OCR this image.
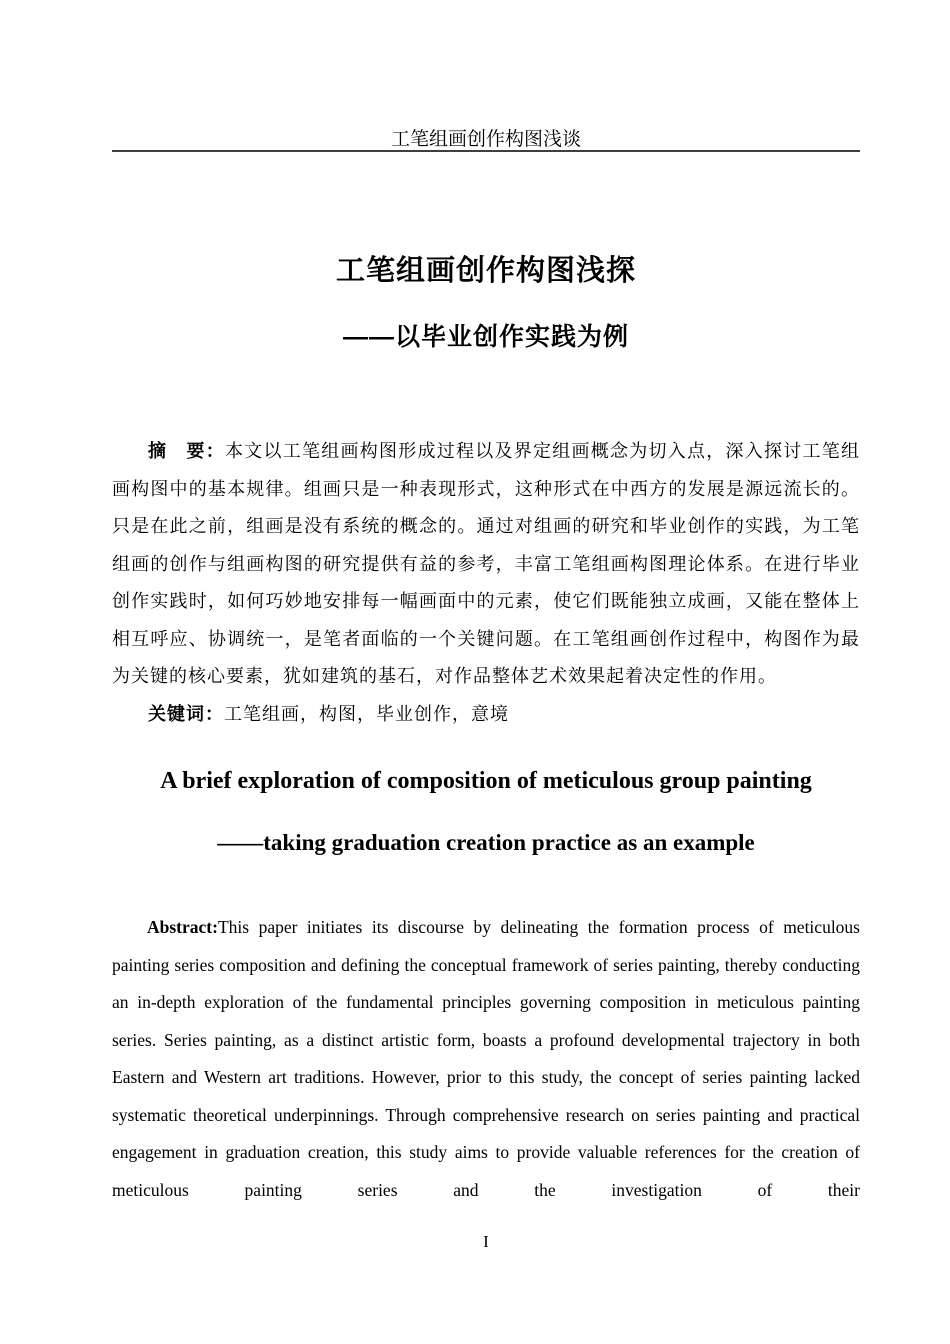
工笔组画创作构图浅谈
工笔组画创作构图浅探
——以毕业创作实践为例

摘　要：本文以工笔组画构图形成过程以及界定组画概念为切入点，深入探讨工笔组画构图中的基本规律。组画只是一种表现形式，这种形式在中西方的发展是源远流长的。只是在此之前，组画是没有系统的概念的。通过对组画的研究和毕业创作的实践，为工笔组画的创作与组画构图的研究提供有益的参考，丰富工笔组画构图理论体系。在进行毕业创作实践时，如何巧妙地安排每一幅画面中的元素，使它们既能独立成画，又能在整体上相互呼应、协调统一，是笔者面临的一个关键问题。在工笔组画创作过程中，构图作为最为关键的核心要素，犹如建筑的基石，对作品整体艺术效果起着决定性的作用。

关键词：工笔组画，构图，毕业创作，意境

A brief exploration of composition of meticulous group painting
——taking graduation creation practice as an example

Abstract:This paper initiates its discourse by delineating the formation process of meticulous painting series composition and defining the conceptual framework of series painting, thereby conducting an in-depth exploration of the fundamental principles governing composition in meticulous painting series. Series painting, as a distinct artistic form, boasts a profound developmental trajectory in both Eastern and Western art traditions. However, prior to this study, the concept of series painting lacked systematic theoretical underpinnings. Through comprehensive research on series painting and practical engagement in graduation creation, this study aims to provide valuable references for the creation of meticulous painting series and the investigation of their

I
